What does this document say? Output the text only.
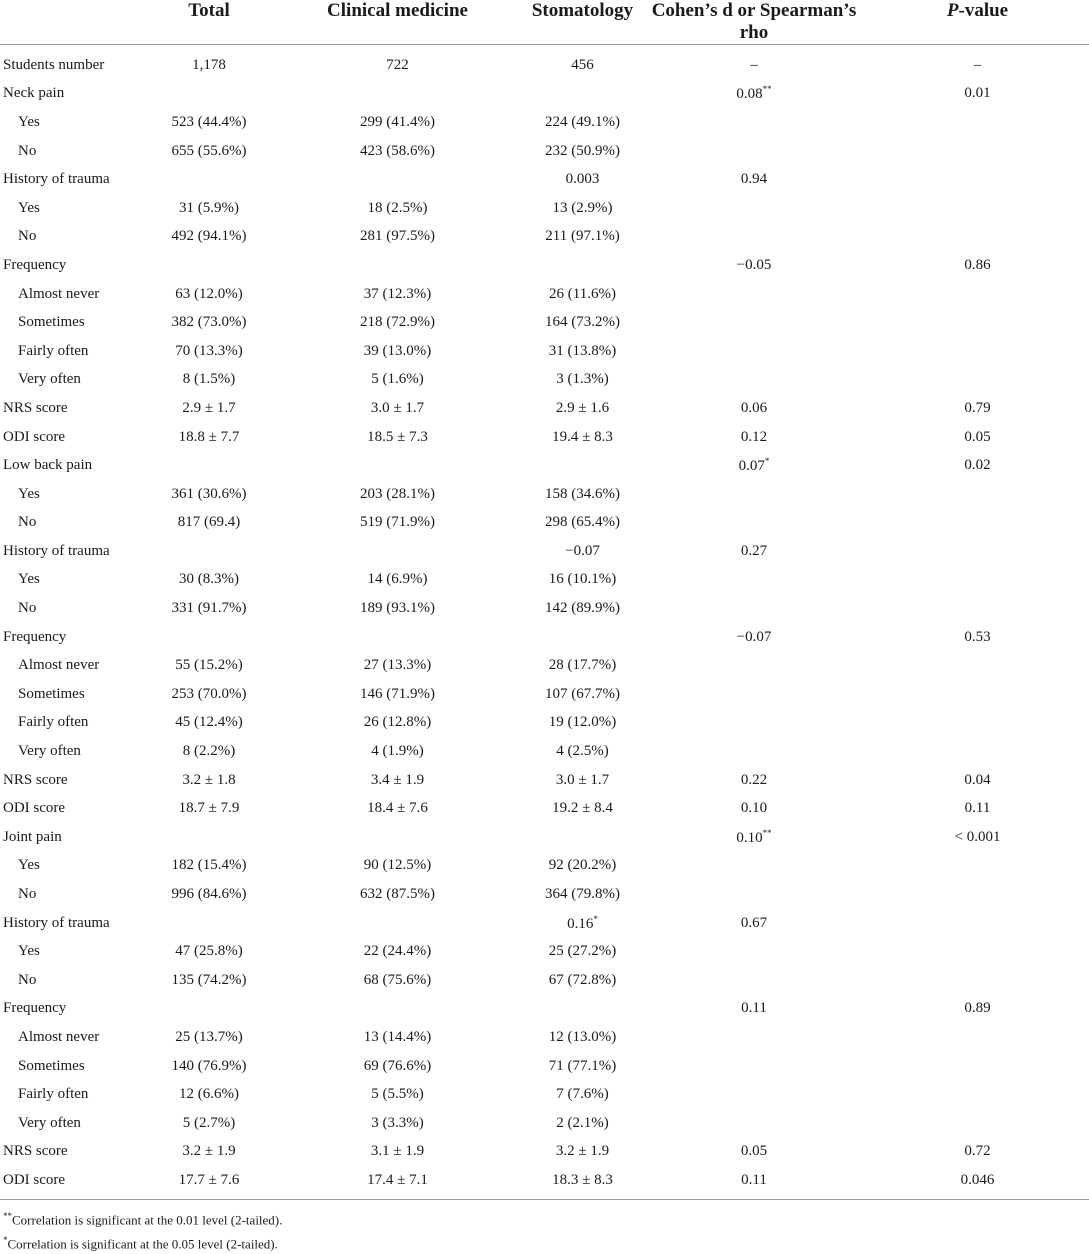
	Total	Clinical medicine	Stomatology	Cohen’s d or Spearman’s rho	P-value
Students number	1,178	722	456	–	–
Neck pain				0.08**	0.01
Yes	523 (44.4%)	299 (41.4%)	224 (49.1%)		
No	655 (55.6%)	423 (58.6%)	232 (50.9%)		
History of trauma			0.003	0.94	
Yes	31 (5.9%)	18 (2.5%)	13 (2.9%)		
No	492 (94.1%)	281 (97.5%)	211 (97.1%)		
Frequency				−0.05	0.86
Almost never	63 (12.0%)	37 (12.3%)	26 (11.6%)		
Sometimes	382 (73.0%)	218 (72.9%)	164 (73.2%)		
Fairly often	70 (13.3%)	39 (13.0%)	31 (13.8%)		
Very often	8 (1.5%)	5 (1.6%)	3 (1.3%)		
NRS score	2.9 ± 1.7	3.0 ± 1.7	2.9 ± 1.6	0.06	0.79
ODI score	18.8 ± 7.7	18.5 ± 7.3	19.4 ± 8.3	0.12	0.05
Low back pain				0.07*	0.02
Yes	361 (30.6%)	203 (28.1%)	158 (34.6%)		
No	817 (69.4)	519 (71.9%)	298 (65.4%)		
History of trauma			−0.07	0.27	
Yes	30 (8.3%)	14 (6.9%)	16 (10.1%)		
No	331 (91.7%)	189 (93.1%)	142 (89.9%)		
Frequency				−0.07	0.53
Almost never	55 (15.2%)	27 (13.3%)	28 (17.7%)		
Sometimes	253 (70.0%)	146 (71.9%)	107 (67.7%)		
Fairly often	45 (12.4%)	26 (12.8%)	19 (12.0%)		
Very often	8 (2.2%)	4 (1.9%)	4 (2.5%)		
NRS score	3.2 ± 1.8	3.4 ± 1.9	3.0 ± 1.7	0.22	0.04
ODI score	18.7 ± 7.9	18.4 ± 7.6	19.2 ± 8.4	0.10	0.11
Joint pain				0.10**	< 0.001
Yes	182 (15.4%)	90 (12.5%)	92 (20.2%)		
No	996 (84.6%)	632 (87.5%)	364 (79.8%)		
History of trauma			0.16*	0.67	
Yes	47 (25.8%)	22 (24.4%)	25 (27.2%)		
No	135 (74.2%)	68 (75.6%)	67 (72.8%)		
Frequency				0.11	0.89
Almost never	25 (13.7%)	13 (14.4%)	12 (13.0%)		
Sometimes	140 (76.9%)	69 (76.6%)	71 (77.1%)		
Fairly often	12 (6.6%)	5 (5.5%)	7 (7.6%)		
Very often	5 (2.7%)	3 (3.3%)	2 (2.1%)		
NRS score	3.2 ± 1.9	3.1 ± 1.9	3.2 ± 1.9	0.05	0.72
ODI score	17.7 ± 7.6	17.4 ± 7.1	18.3 ± 8.3	0.11	0.046
**Correlation is significant at the 0.01 level (2-tailed).
*Correlation is significant at the 0.05 level (2-tailed).
